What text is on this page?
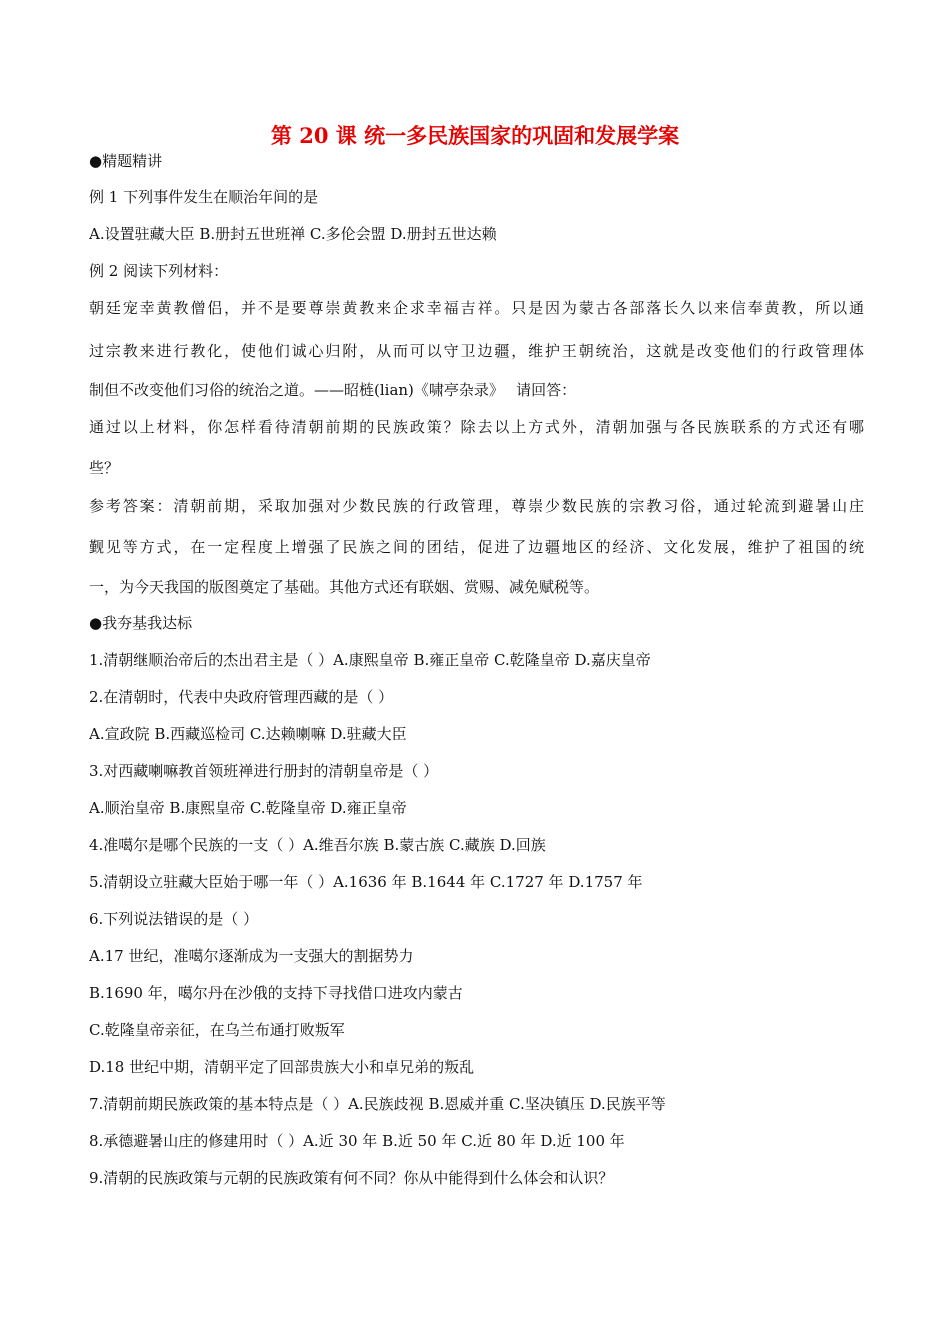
第 20 课 统一多民族国家的巩固和发展学案
●精题精讲
例 1 下列事件发生在顺治年间的是
A.设置驻藏大臣 B.册封五世班禅 C.多伦会盟 D.册封五世达赖
例 2 阅读下列材料：
朝廷宠幸黄教僧侣，并不是要尊崇黄教来企求幸福吉祥。只是因为蒙古各部落长久以来信奉黄教，所以通
过宗教来进行教化，使他们诚心归附，从而可以守卫边疆，维护王朝统治，这就是改变他们的行政管理体
制但不改变他们习俗的统治之道。——昭梿(lian)《啸亭杂录》　 请回答：
通过以上材料，你怎样看待清朝前期的民族政策？除去以上方式外，清朝加强与各民族联系的方式还有哪
些？
参考答案：清朝前期，采取加强对少数民族的行政管理，尊崇少数民族的宗教习俗，通过轮流到避暑山庄
觐见等方式，在一定程度上增强了民族之间的团结，促进了边疆地区的经济、文化发展，维护了祖国的统
一，为今天我国的版图奠定了基础。其他方式还有联姻、赏赐、减免赋税等。
●我夯基我达标
1.清朝继顺治帝后的杰出君主是（ ）A.康熙皇帝 B.雍正皇帝 C.乾隆皇帝 D.嘉庆皇帝
2.在清朝时，代表中央政府管理西藏的是（ ）
A.宣政院 B.西藏巡检司 C.达赖喇嘛 D.驻藏大臣
3.对西藏喇嘛教首领班禅进行册封的清朝皇帝是（ ）
A.顺治皇帝 B.康熙皇帝 C.乾隆皇帝 D.雍正皇帝
4.准噶尔是哪个民族的一支（ ）A.维吾尔族 B.蒙古族 C.藏族 D.回族
5.清朝设立驻藏大臣始于哪一年（ ）A.1636 年 B.1644 年 C.1727 年 D.1757 年
6.下列说法错误的是（ ）
A.17 世纪，准噶尔逐渐成为一支强大的割据势力
B.1690 年，噶尔丹在沙俄的支持下寻找借口进攻内蒙古
C.乾隆皇帝亲征，在乌兰布通打败叛军
D.18 世纪中期，清朝平定了回部贵族大小和卓兄弟的叛乱
7.清朝前期民族政策的基本特点是（ ）A.民族歧视 B.恩威并重 C.坚决镇压 D.民族平等
8.承德避暑山庄的修建用时（ ）A.近 30 年 B.近 50 年 C.近 80 年 D.近 100 年
9.清朝的民族政策与元朝的民族政策有何不同？你从中能得到什么体会和认识？
